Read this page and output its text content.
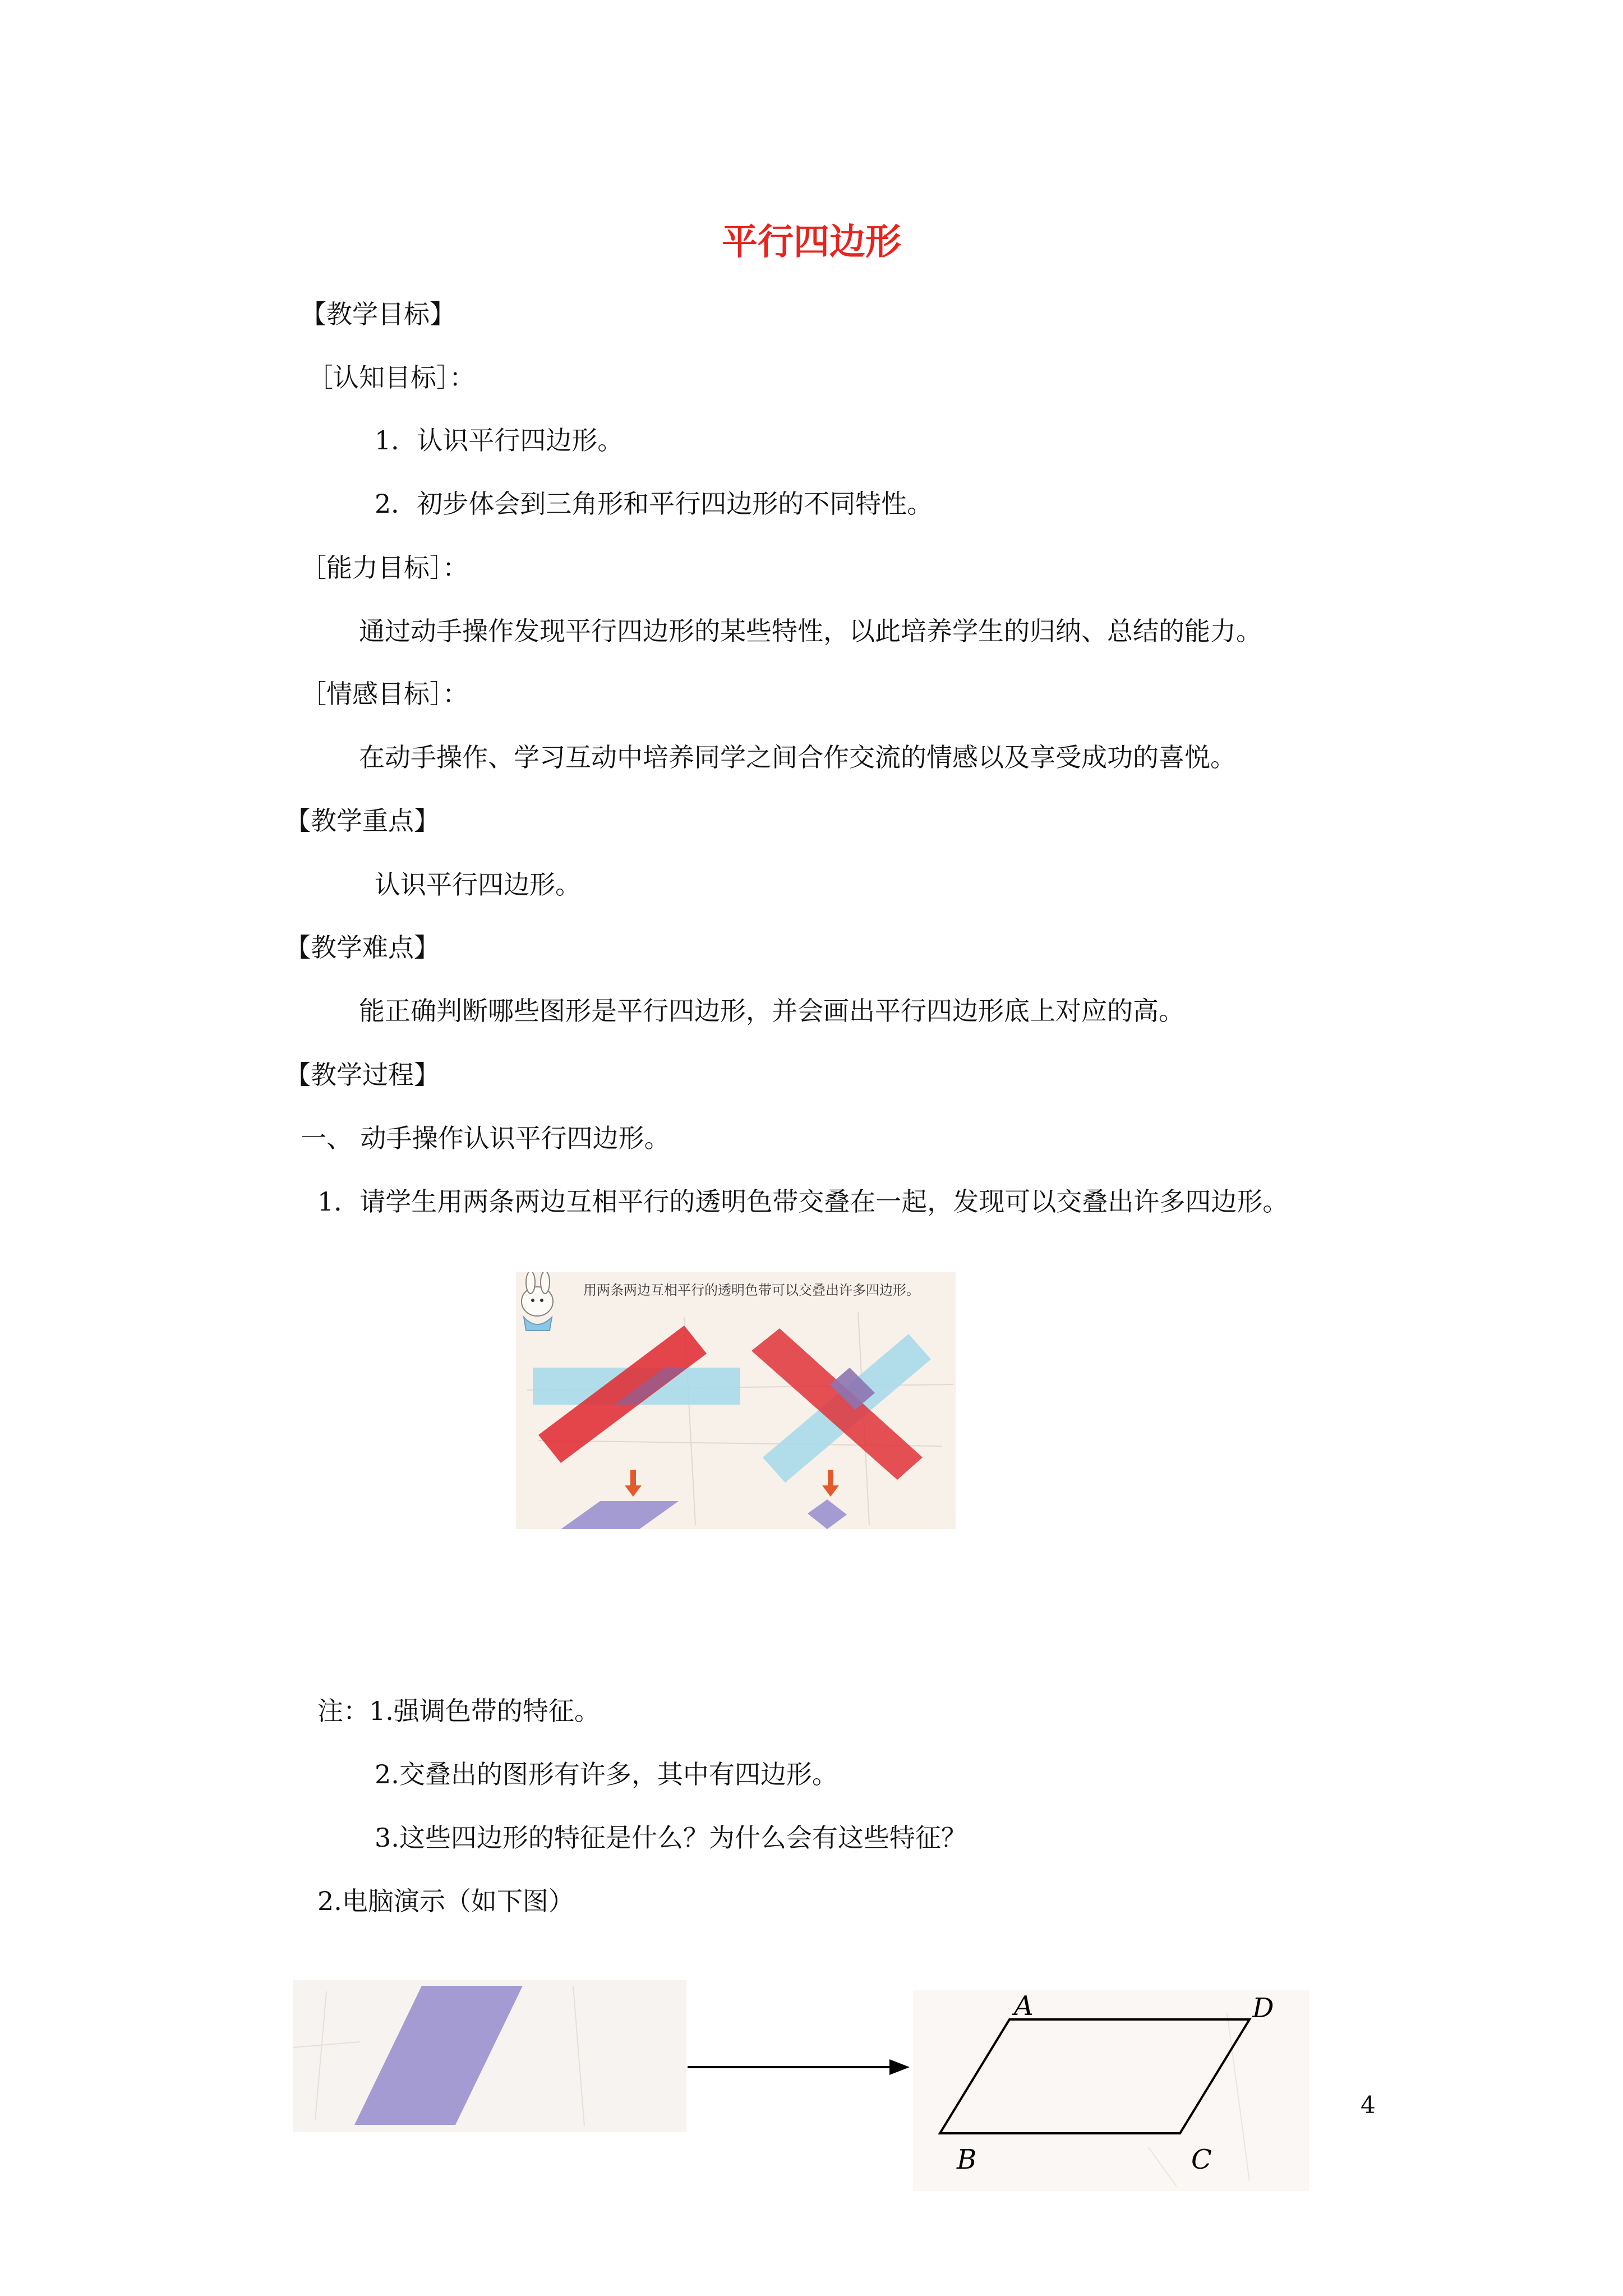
平行四边形
【教学目标】
［认知目标］：
1．认识平行四边形。
2．初步体会到三角形和平行四边形的不同特性。
［能力目标］：
通过动手操作发现平行四边形的某些特性，以此培养学生的归纳、总结的能力。
［情感目标］：
在动手操作、学习互动中培养同学之间合作交流的情感以及享受成功的喜悦。
【教学重点】
认识平行四边形。
【教学难点】
能正确判断哪些图形是平行四边形，并会画出平行四边形底上对应的高。
【教学过程】
一、 动手操作认识平行四边形。
1．请学生用两条两边互相平行的透明色带交叠在一起，发现可以交叠出许多四边形。
用两条两边互相平行的透明色带可以交叠出许多四边形。
注：1.强调色带的特征。
2.交叠出的图形有许多，其中有四边形。
3.这些四边形的特征是什么？为什么会有这些特征？
2.电脑演示（如下图）
A	D
B	C
4
